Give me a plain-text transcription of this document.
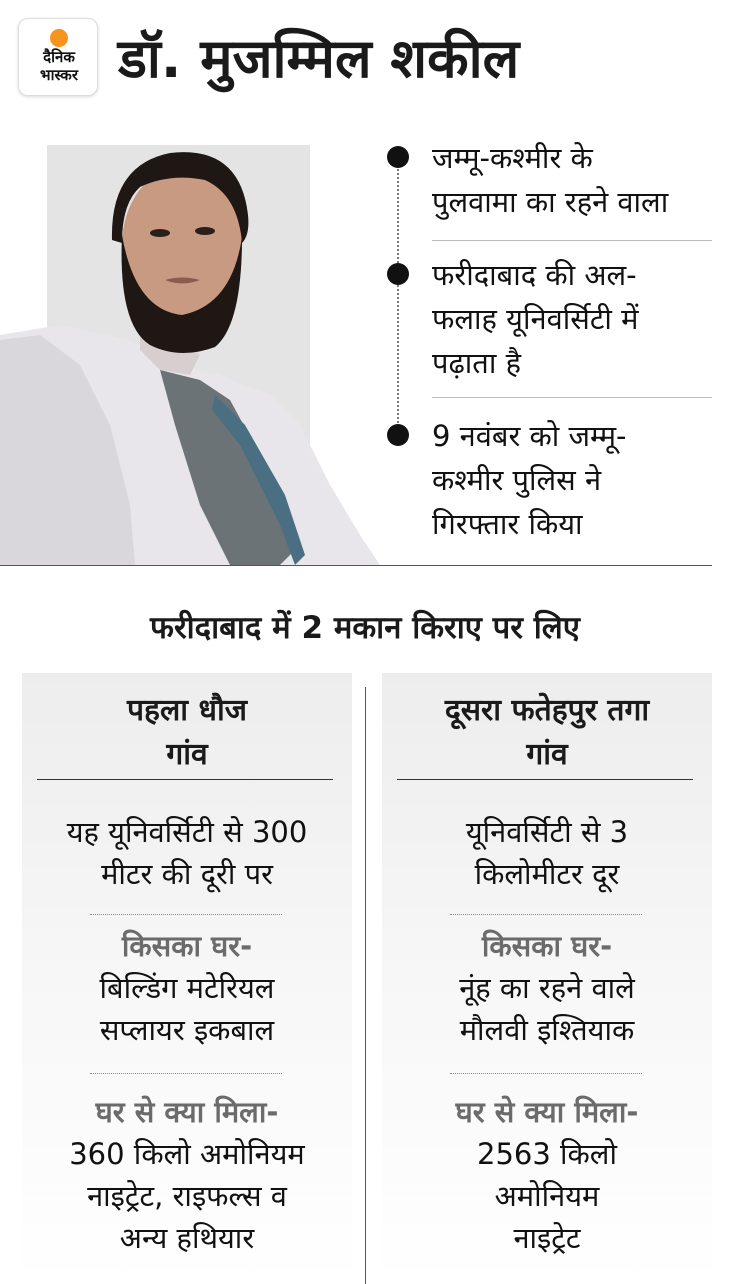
दैनिक
भास्कर डॉ. मुजम्मिल शकील
जम्मू-कश्मीर के
पुलवामा का रहने वाला
फरीदाबाद की अल-
फलाह यूनिवर्सिटी में
पढ़ाता है
9 नवंबर को जम्मू-
कश्मीर पुलिस ने
गिरफ्तार किया
फरीदाबाद में 2 मकान किराए पर लिए
पहला धौज
गांव
यह यूनिवर्सिटी से 300
मीटर की दूरी पर
किसका घर-
बिल्डिंग मटेरियल
सप्लायर इकबाल
घर से क्या मिला-
360 किलो अमोनियम
नाइट्रेट, राइफल्स व
अन्य हथियार
दूसरा फतेहपुर तगा
गांव
यूनिवर्सिटी से 3
किलोमीटर दूर
किसका घर-
नूंह का रहने वाले
मौलवी इश्तियाक
घर से क्या मिला-
2563 किलो
अमोनियम
नाइट्रेट
